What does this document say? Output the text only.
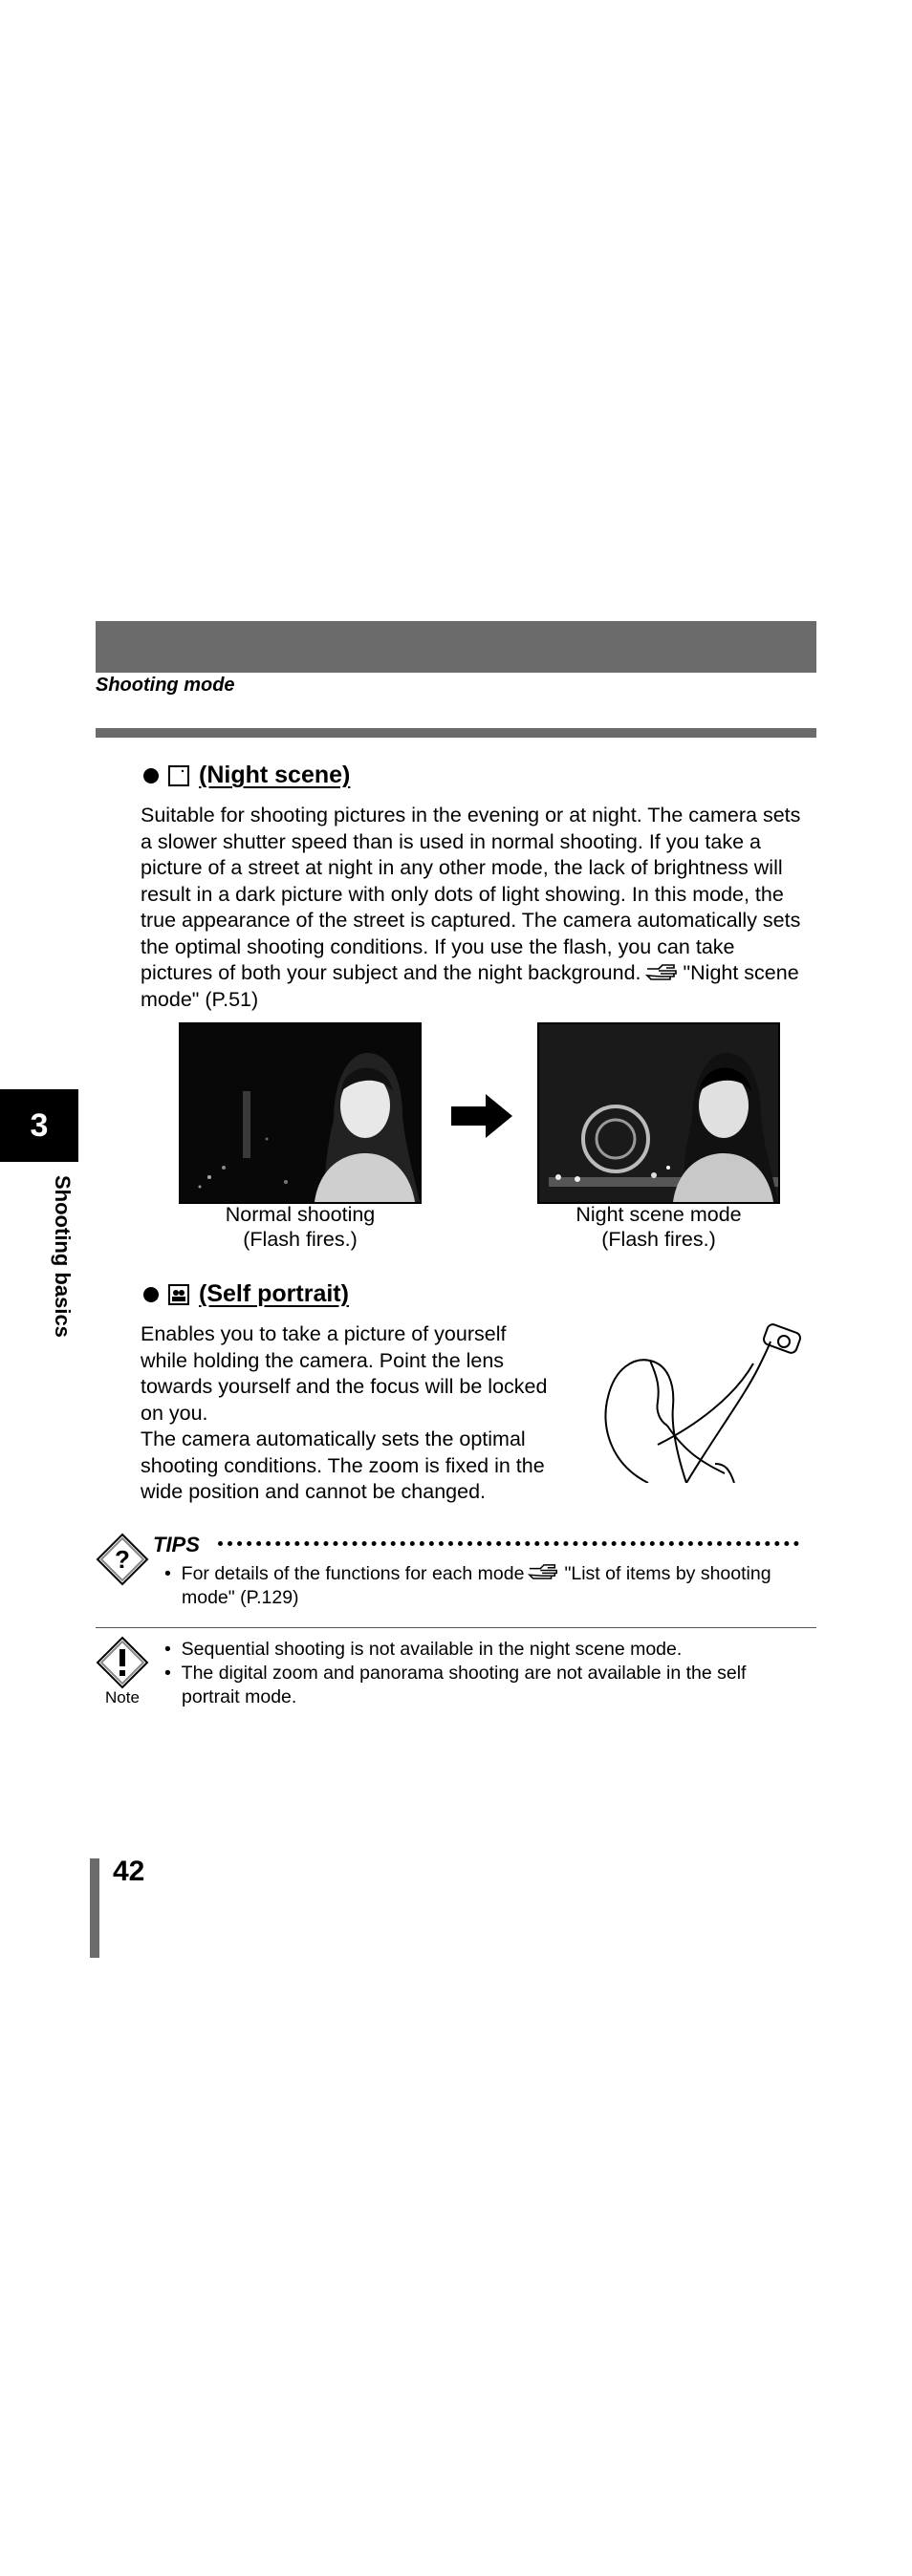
Shooting mode
3
Shooting basics
(Night scene)
Suitable for shooting pictures in the evening or at night. The camera sets
a slower shutter speed than is used in normal shooting. If you take a
picture of a street at night in any other mode, the lack of brightness will
result in a dark picture with only dots of light showing. In this mode, the
true appearance of the street is captured. The camera automatically sets
the optimal shooting conditions. If you use the flash, you can take
pictures of both your subject and the night background. "Night scene
mode" (P.51)
Normal shooting
(Flash fires.)
Night scene mode
(Flash fires.)
(Self portrait)
Enables you to take a picture of yourself
while holding the camera. Point the lens
towards yourself and the focus will be locked
on you.
The camera automatically sets the optimal
shooting conditions. The zoom is fixed in the
wide position and cannot be changed.
?
TIPS
•  For details of the functions for each mode "List of items by shooting
mode" (P.129)
Note
•  Sequential shooting is not available in the night scene mode.
•  The digital zoom and panorama shooting are not available in the self
portrait mode.
42
